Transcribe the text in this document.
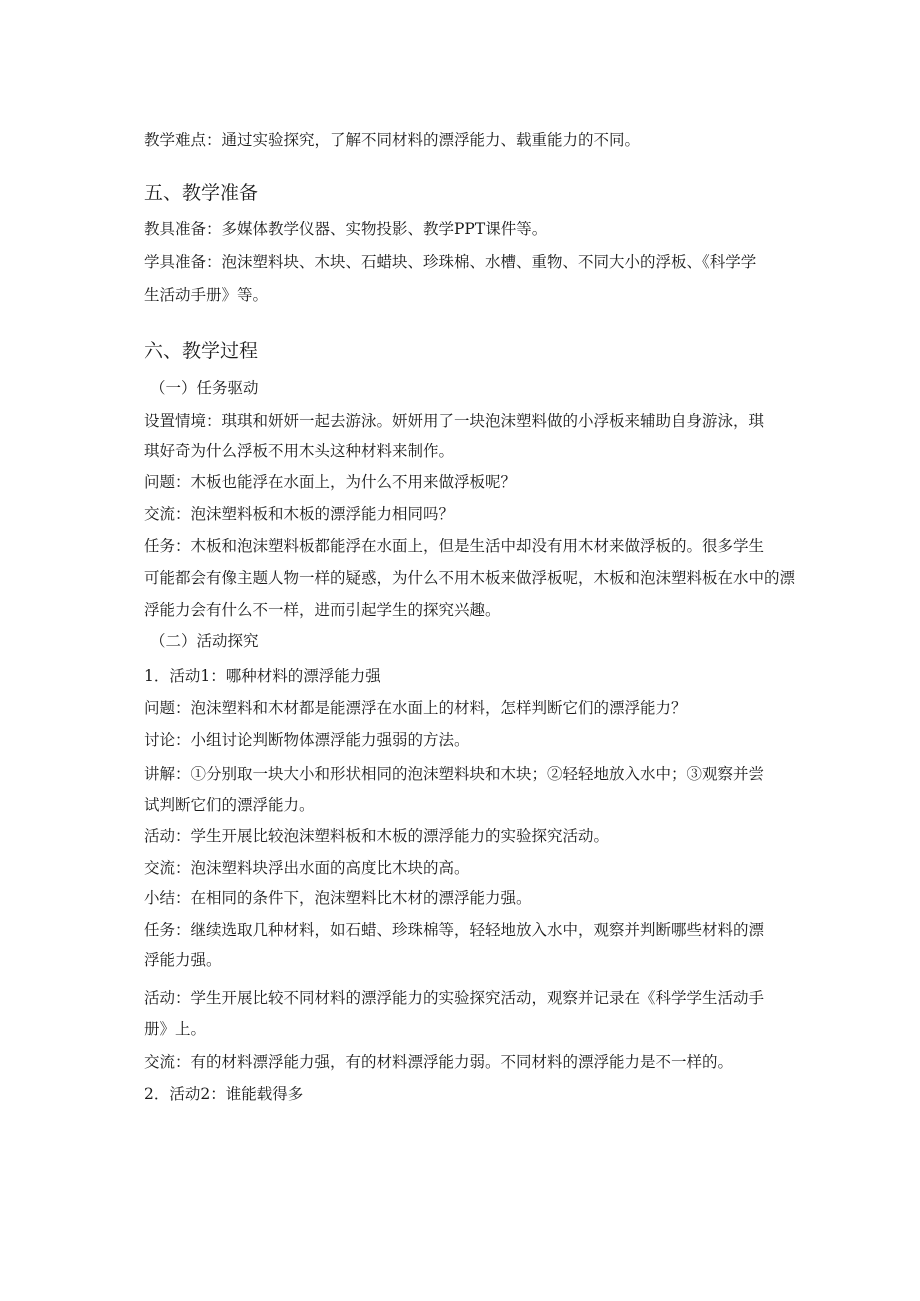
教学难点：通过实验探究，了解不同材料的漂浮能力、载重能力的不同。

五、教学准备

教具准备：多媒体教学仪器、实物投影、教学PPT课件等。

学具准备：泡沫塑料块、木块、石蜡块、珍珠棉、水槽、重物、不同大小的浮板、《科学学

生活动手册》等。

六、教学过程

（一）任务驱动

设置情境：琪琪和妍妍一起去游泳。妍妍用了一块泡沫塑料做的小浮板来辅助自身游泳，琪

琪好奇为什么浮板不用木头这种材料来制作。

问题：木板也能浮在水面上，为什么不用来做浮板呢？

交流：泡沫塑料板和木板的漂浮能力相同吗？

任务：木板和泡沫塑料板都能浮在水面上，但是生活中却没有用木材来做浮板的。很多学生

可能都会有像主题人物一样的疑惑，为什么不用木板来做浮板呢，木板和泡沫塑料板在水中的漂

浮能力会有什么不一样，进而引起学生的探究兴趣。

（二）活动探究

1．活动1：哪种材料的漂浮能力强

问题：泡沫塑料和木材都是能漂浮在水面上的材料，怎样判断它们的漂浮能力？

讨论：小组讨论判断物体漂浮能力强弱的方法。

讲解：①分别取一块大小和形状相同的泡沫塑料块和木块；②轻轻地放入水中；③观察并尝

试判断它们的漂浮能力。

活动：学生开展比较泡沫塑料板和木板的漂浮能力的实验探究活动。

交流：泡沫塑料块浮出水面的高度比木块的高。

小结：在相同的条件下，泡沫塑料比木材的漂浮能力强。

任务：继续选取几种材料，如石蜡、珍珠棉等，轻轻地放入水中，观察并判断哪些材料的漂

浮能力强。

活动：学生开展比较不同材料的漂浮能力的实验探究活动，观察并记录在《科学学生活动手

册》上。

交流：有的材料漂浮能力强，有的材料漂浮能力弱。不同材料的漂浮能力是不一样的。

2．活动2：谁能载得多
